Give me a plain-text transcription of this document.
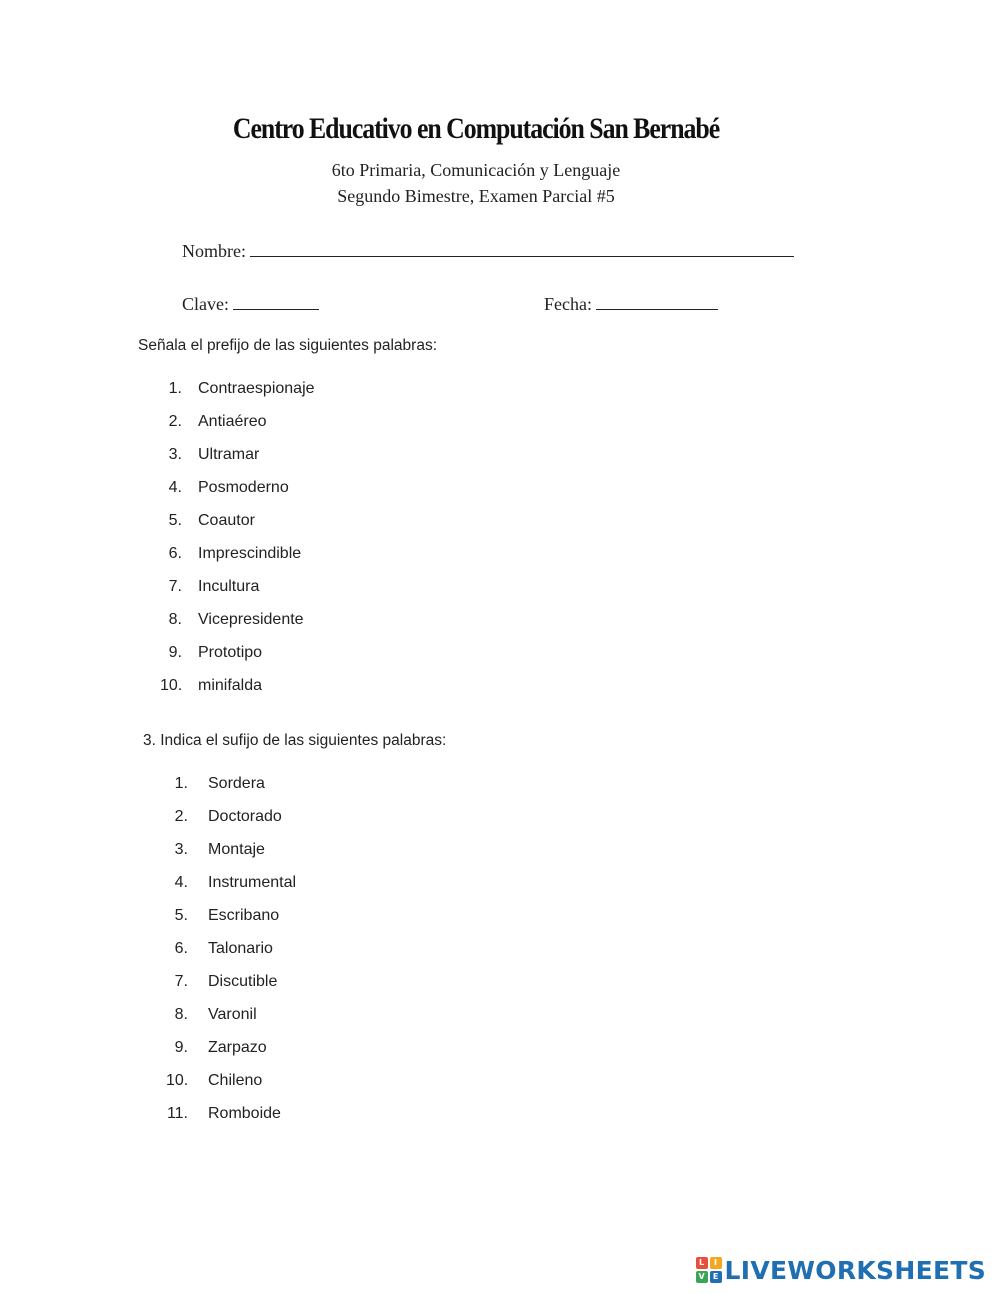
Centro Educativo en Computación San Bernabé
6to Primaria, Comunicación y Lenguaje
Segundo Bimestre, Examen Parcial #5
Nombre:
Clave:	Fecha:
Señala el prefijo de las siguientes palabras:
1. Contraespionaje
2. Antiaéreo
3. Ultramar
4. Posmoderno
5. Coautor
6. Imprescindible
7. Incultura
8. Vicepresidente
9. Prototipo
10. minifalda
3. Indica el sufijo de las siguientes palabras:
1. Sordera
2. Doctorado
3. Montaje
4. Instrumental
5. Escribano
6. Talonario
7. Discutible
8. Varonil
9. Zarpazo
10. Chileno
11. Romboide
L	I
V	E LIVEWORKSHEETS
